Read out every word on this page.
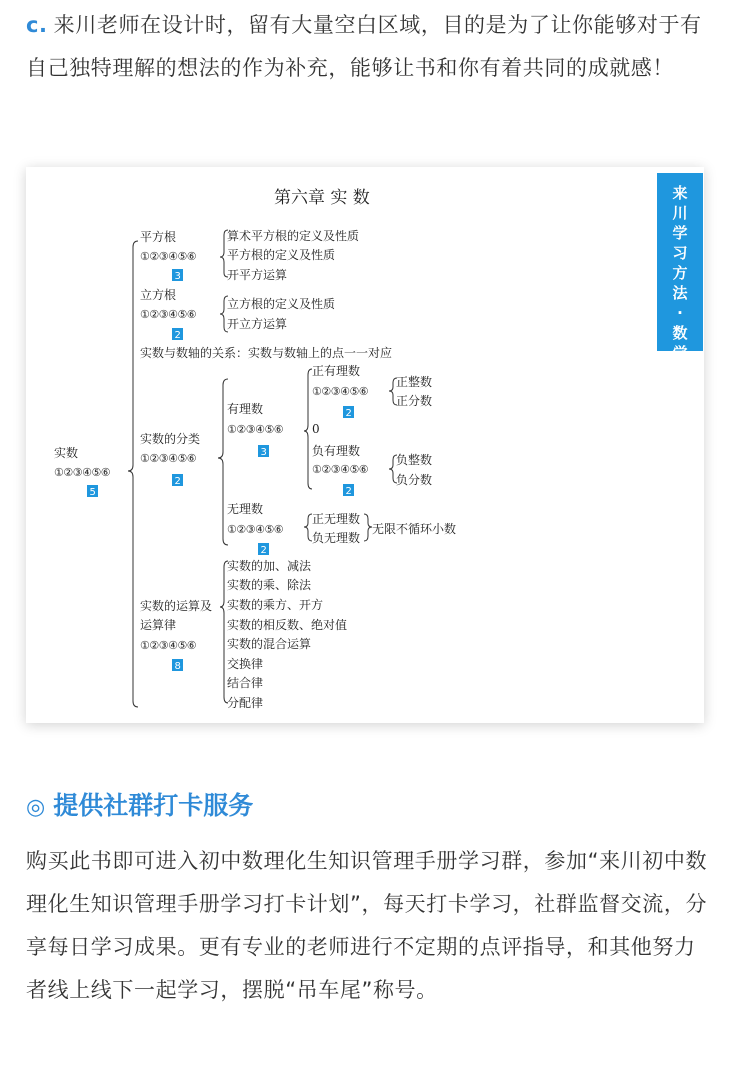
c. 来川老师在设计时，留有大量空白区域，目的是为了让你能够对于有自己独特理解的想法的作为补充，能够让书和你有着共同的成就感！

来川学习方法·数学
第六章 实 数
实数
①②③④⑤⑥
5
平方根
①②③④⑤⑥
3
算术平方根的定义及性质
平方根的定义及性质
开平方运算
立方根
①②③④⑤⑥
2
立方根的定义及性质
开立方运算
实数与数轴的关系：实数与数轴上的点一一对应
实数的分类
①②③④⑤⑥
2
有理数
①②③④⑤⑥
3
0
正有理数
①②③④⑤⑥
2
正整数
正分数
负有理数
①②③④⑤⑥
2
负整数
负分数
无理数
①②③④⑤⑥
2
正无理数
负无理数
无限不循环小数
实数的运算及
运算律
①②③④⑤⑥
8
实数的加、减法
实数的乘、除法
实数的乘方、开方
实数的相反数、绝对值
实数的混合运算
交换律
结合律
分配律
◎ 提供社群打卡服务

购买此书即可进入初中数理化生知识管理手册学习群，参加“来川初中数理化生知识管理手册学习打卡计划”，每天打卡学习，社群监督交流，分享每日学习成果。更有专业的老师进行不定期的点评指导，和其他努力者线上线下一起学习，摆脱“吊车尾”称号。
